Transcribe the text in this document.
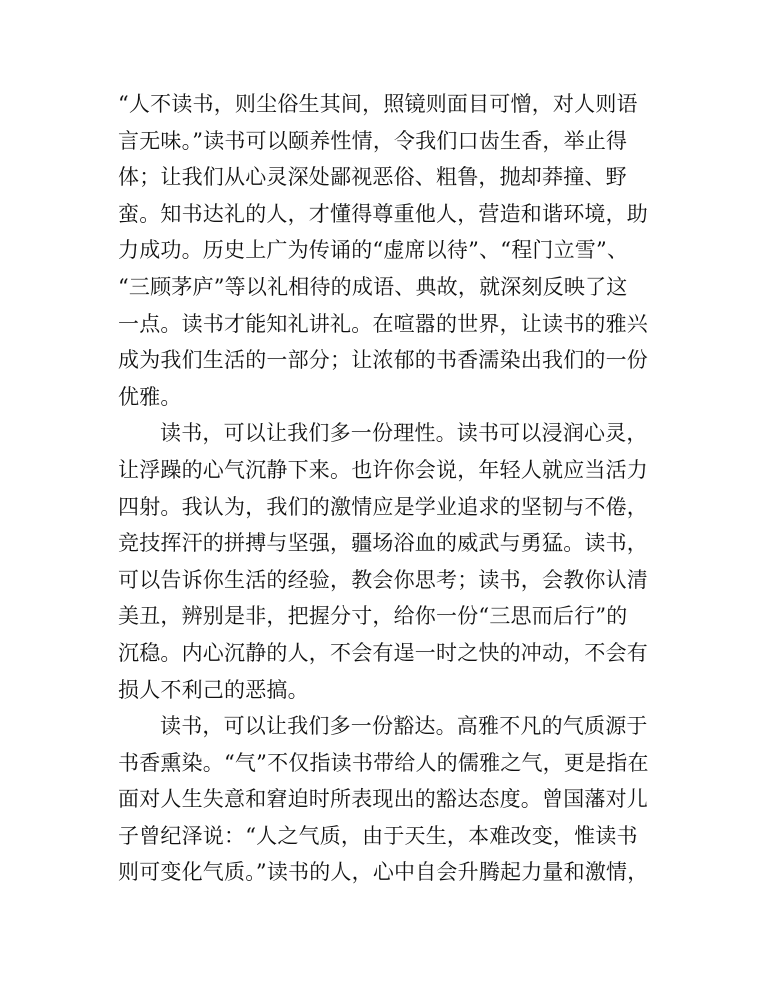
“人不读书，则尘俗生其间，照镜则面目可憎，对人则语
言无味。”读书可以颐养性情，令我们口齿生香，举止得
体；让我们从心灵深处鄙视恶俗、粗鲁，抛却莽撞、野
蛮。知书达礼的人，才懂得尊重他人，营造和谐环境，助
力成功。历史上广为传诵的“虚席以待”、“程门立雪”、
“三顾茅庐”等以礼相待的成语、典故，就深刻反映了这
一点。读书才能知礼讲礼。在喧嚣的世界，让读书的雅兴
成为我们生活的一部分；让浓郁的书香濡染出我们的一份
优雅。
读书，可以让我们多一份理性。读书可以浸润心灵，
让浮躁的心气沉静下来。也许你会说，年轻人就应当活力
四射。我认为，我们的激情应是学业追求的坚韧与不倦，
竞技挥汗的拼搏与坚强，疆场浴血的威武与勇猛。读书，
可以告诉你生活的经验，教会你思考；读书，会教你认清
美丑，辨别是非，把握分寸，给你一份“三思而后行”的
沉稳。内心沉静的人，不会有逞一时之快的冲动，不会有
损人不利己的恶搞。
读书，可以让我们多一份豁达。高雅不凡的气质源于
书香熏染。“气”不仅指读书带给人的儒雅之气，更是指在
面对人生失意和窘迫时所表现出的豁达态度。曾国藩对儿
子曾纪泽说：“人之气质，由于天生，本难改变，惟读书
则可变化气质。”读书的人，心中自会升腾起力量和激情，
